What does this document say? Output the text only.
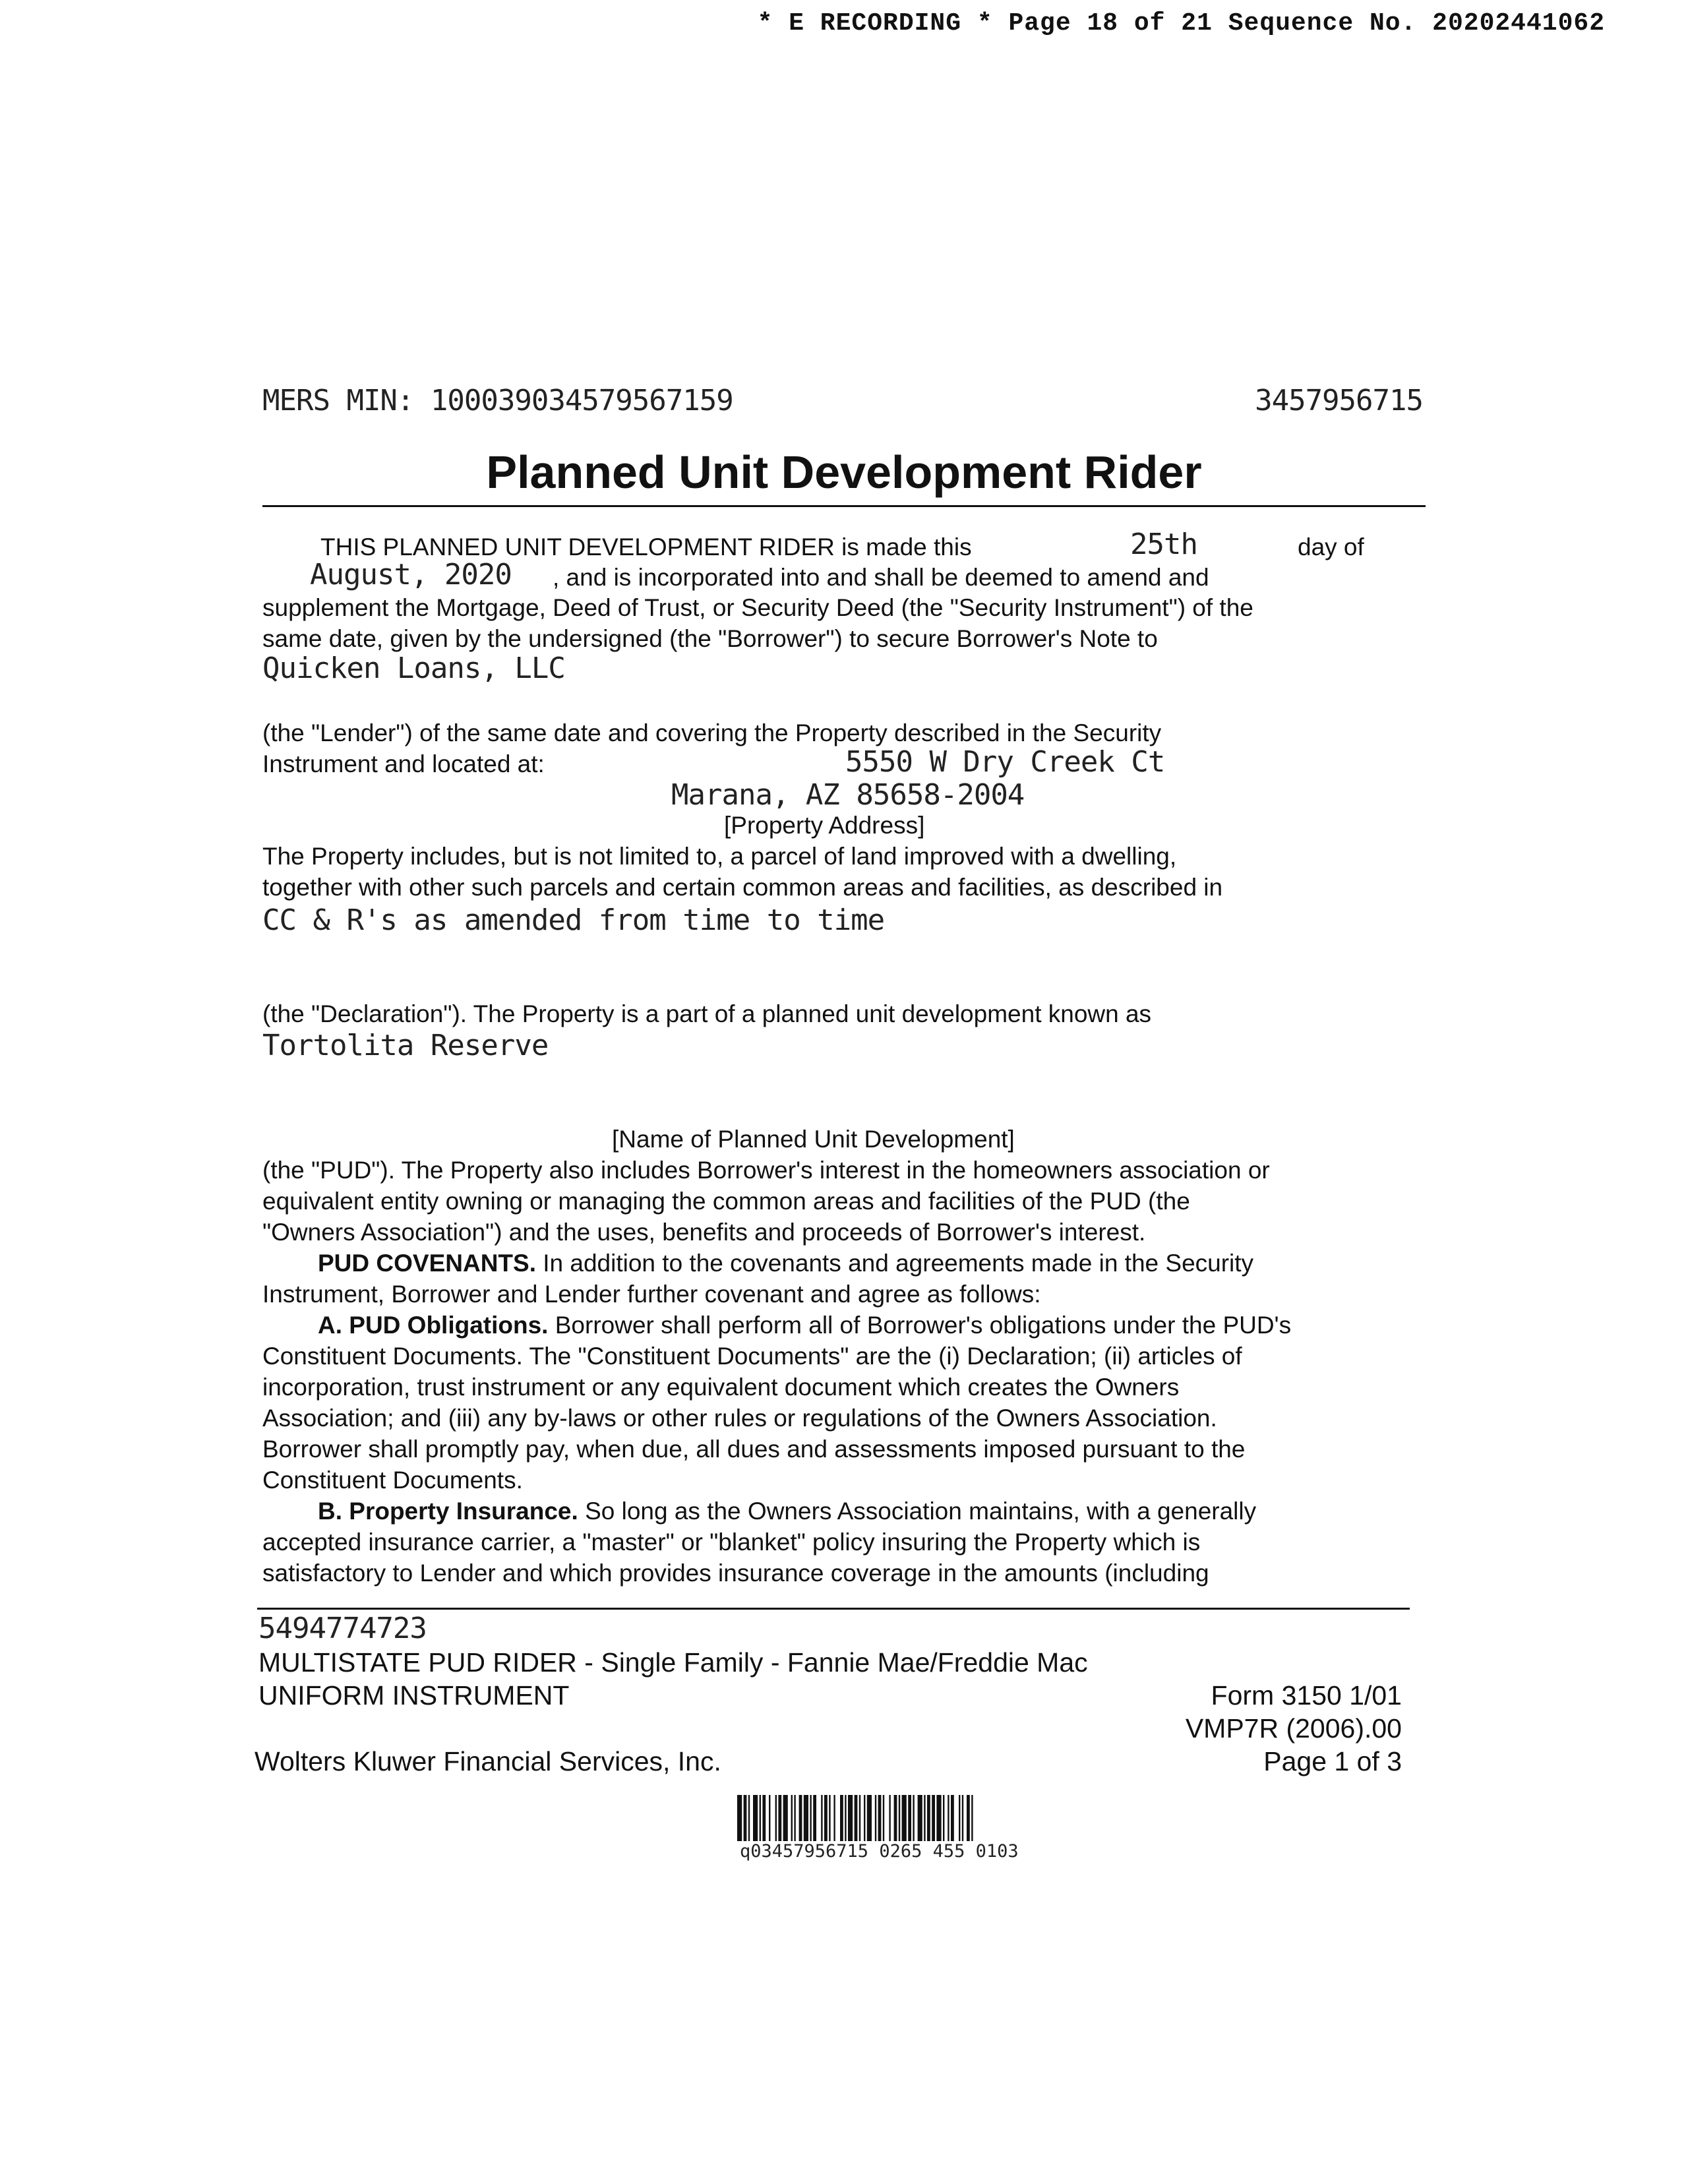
* E RECORDING * Page 18 of 21 Sequence No. 20202441062
MERS MIN: 100039034579567159	3457956715
Planned Unit Development Rider
THIS PLANNED UNIT DEVELOPMENT RIDER is made this	25th	day of
August, 2020 , and is incorporated into and shall be deemed to amend and
supplement the Mortgage, Deed of Trust, or Security Deed (the "Security Instrument") of the
same date, given by the undersigned (the "Borrower") to secure Borrower's Note to
Quicken Loans, LLC
(the "Lender") of the same date and covering the Property described in the Security
Instrument and located at:	5550 W Dry Creek Ct
Marana, AZ 85658-2004
[Property Address]
The Property includes, but is not limited to, a parcel of land improved with a dwelling,
together with other such parcels and certain common areas and facilities, as described in
CC & R's as amended from time to time
(the "Declaration"). The Property is a part of a planned unit development known as
Tortolita Reserve
[Name of Planned Unit Development]
(the "PUD"). The Property also includes Borrower's interest in the homeowners association or
equivalent entity owning or managing the common areas and facilities of the PUD (the
"Owners Association") and the uses, benefits and proceeds of Borrower's interest.
PUD COVENANTS. In addition to the covenants and agreements made in the Security
Instrument, Borrower and Lender further covenant and agree as follows:
A. PUD Obligations. Borrower shall perform all of Borrower's obligations under the PUD's
Constituent Documents. The "Constituent Documents" are the (i) Declaration; (ii) articles of
incorporation, trust instrument or any equivalent document which creates the Owners
Association; and (iii) any by-laws or other rules or regulations of the Owners Association.
Borrower shall promptly pay, when due, all dues and assessments imposed pursuant to the
Constituent Documents.
B. Property Insurance. So long as the Owners Association maintains, with a generally
accepted insurance carrier, a "master" or "blanket" policy insuring the Property which is
satisfactory to Lender and which provides insurance coverage in the amounts (including
5494774723
MULTISTATE PUD RIDER - Single Family - Fannie Mae/Freddie Mac
UNIFORM INSTRUMENT	Form 3150 1/01
VMP7R (2006).00
Wolters Kluwer Financial Services, Inc.	Page 1 of 3
q03457956715 0265 455 0103
